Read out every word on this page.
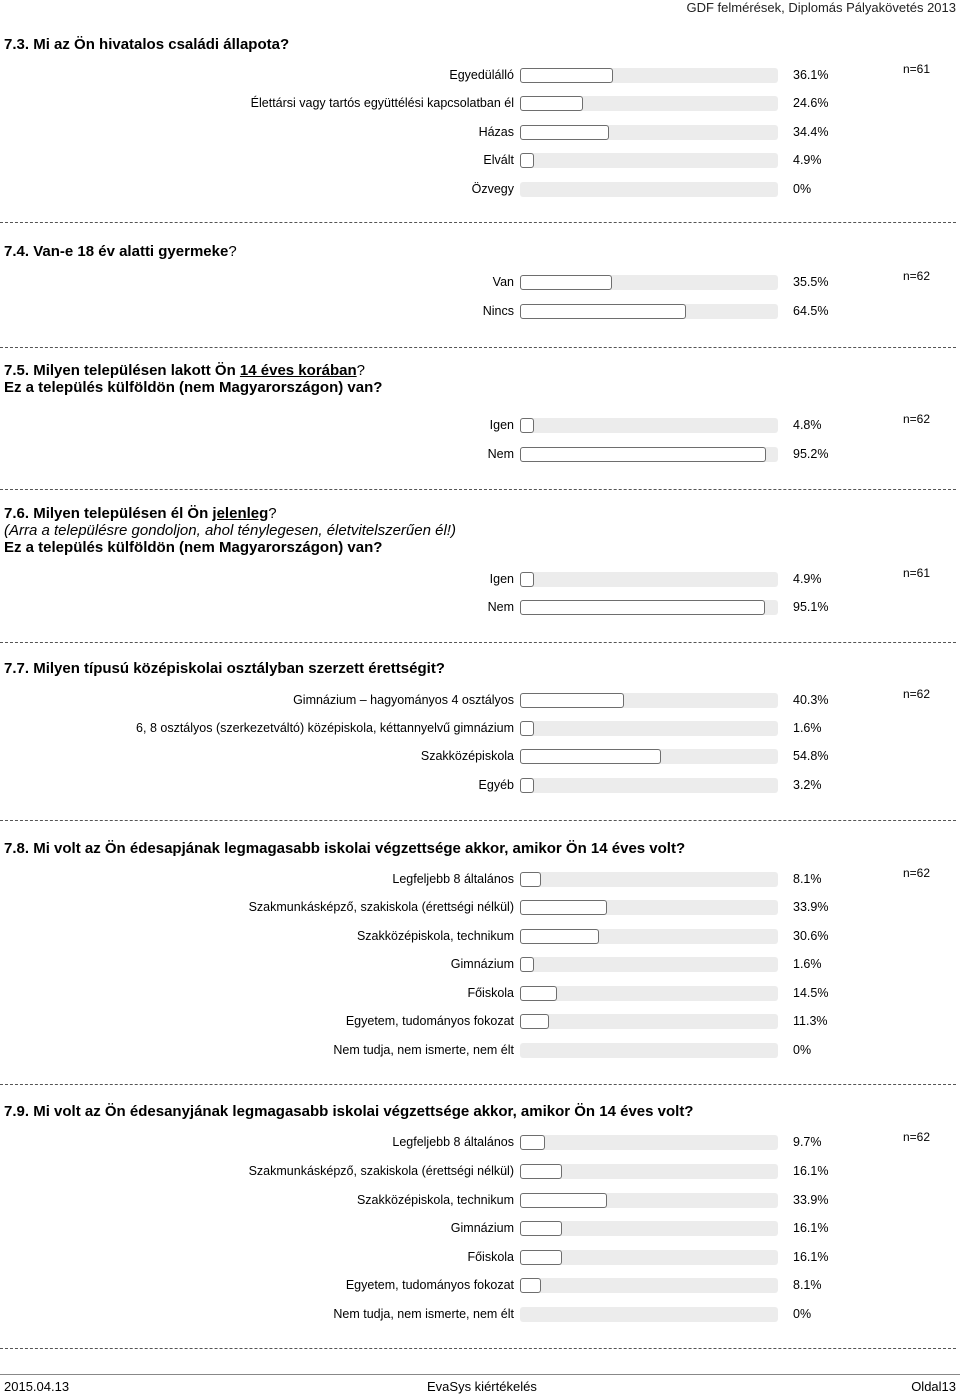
GDF felmérések, Diplomás Pályakövetés 2013
7.3. Mi az Ön hivatalos családi állapota?
n=61
Egyedülálló	36.1%
Élettársi vagy tartós együttélési kapcsolatban él	24.6%
Házas	34.4%
Elvált	4.9%
Özvegy	0%
7.4. Van-e 18 év alatti gyermeke?
n=62
Van	35.5%
Nincs	64.5%
7.5. Milyen településen lakott Ön 14 éves korában?
Ez a település külföldön (nem Magyarországon) van?
n=62
Igen	4.8%
Nem	95.2%
7.6. Milyen településen él Ön jelenleg?
(Arra a településre gondoljon, ahol ténylegesen, életvitelszerűen él!)
Ez a település külföldön (nem Magyarországon) van?
n=61
Igen	4.9%
Nem	95.1%
7.7. Milyen típusú középiskolai osztályban szerzett érettségit?
n=62
Gimnázium – hagyományos 4 osztályos	40.3%
6, 8 osztályos (szerkezetváltó) középiskola, kéttannyelvű gimnázium	1.6%
Szakközépiskola	54.8%
Egyéb	3.2%
7.8. Mi volt az Ön édesapjának legmagasabb iskolai végzettsége akkor, amikor Ön 14 éves volt?
n=62
Legfeljebb 8 általános	8.1%
Szakmunkásképző, szakiskola (érettségi nélkül)	33.9%
Szakközépiskola, technikum	30.6%
Gimnázium	1.6%
Főiskola	14.5%
Egyetem, tudományos fokozat	11.3%
Nem tudja, nem ismerte, nem élt	0%
7.9. Mi volt az Ön édesanyjának legmagasabb iskolai végzettsége akkor, amikor Ön 14 éves volt?
n=62
Legfeljebb 8 általános	9.7%
Szakmunkásképző, szakiskola (érettségi nélkül)	16.1%
Szakközépiskola, technikum	33.9%
Gimnázium	16.1%
Főiskola	16.1%
Egyetem, tudományos fokozat	8.1%
Nem tudja, nem ismerte, nem élt	0%
2015.04.13	EvaSys kiértékelés	Oldal13
